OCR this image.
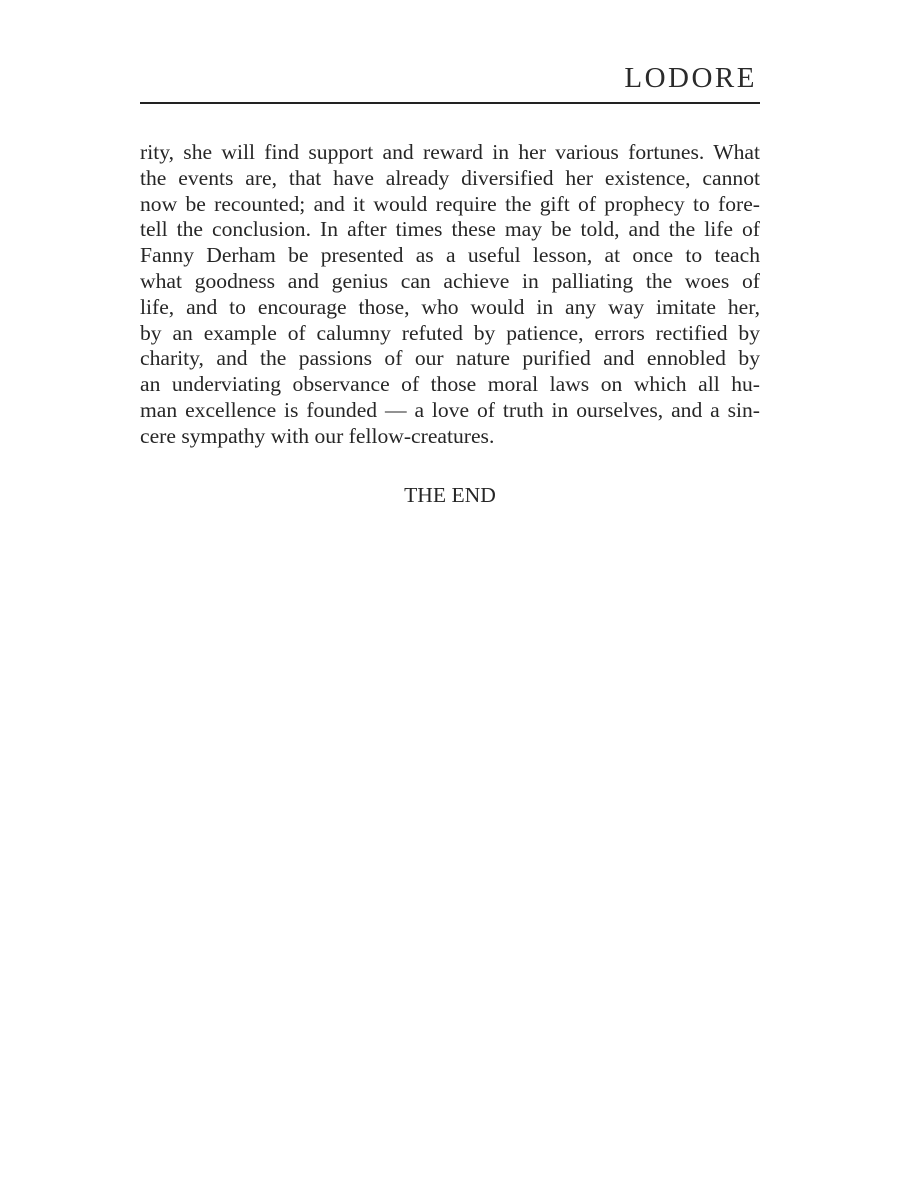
LODORE
rity, she will find support and reward in her various fortunes. What
the events are, that have already diversified her existence, cannot
now be recounted; and it would require the gift of prophecy to fore-
tell the conclusion. In after times these may be told, and the life of
Fanny Derham be presented as a useful lesson, at once to teach
what goodness and genius can achieve in palliating the woes of
life, and to encourage those, who would in any way imitate her,
by an example of calumny refuted by patience, errors rectified by
charity, and the passions of our nature purified and ennobled by
an underviating observance of those moral laws on which all hu-
man excellence is founded — a love of truth in ourselves, and a sin-
cere sympathy with our fellow-creatures.
THE END
